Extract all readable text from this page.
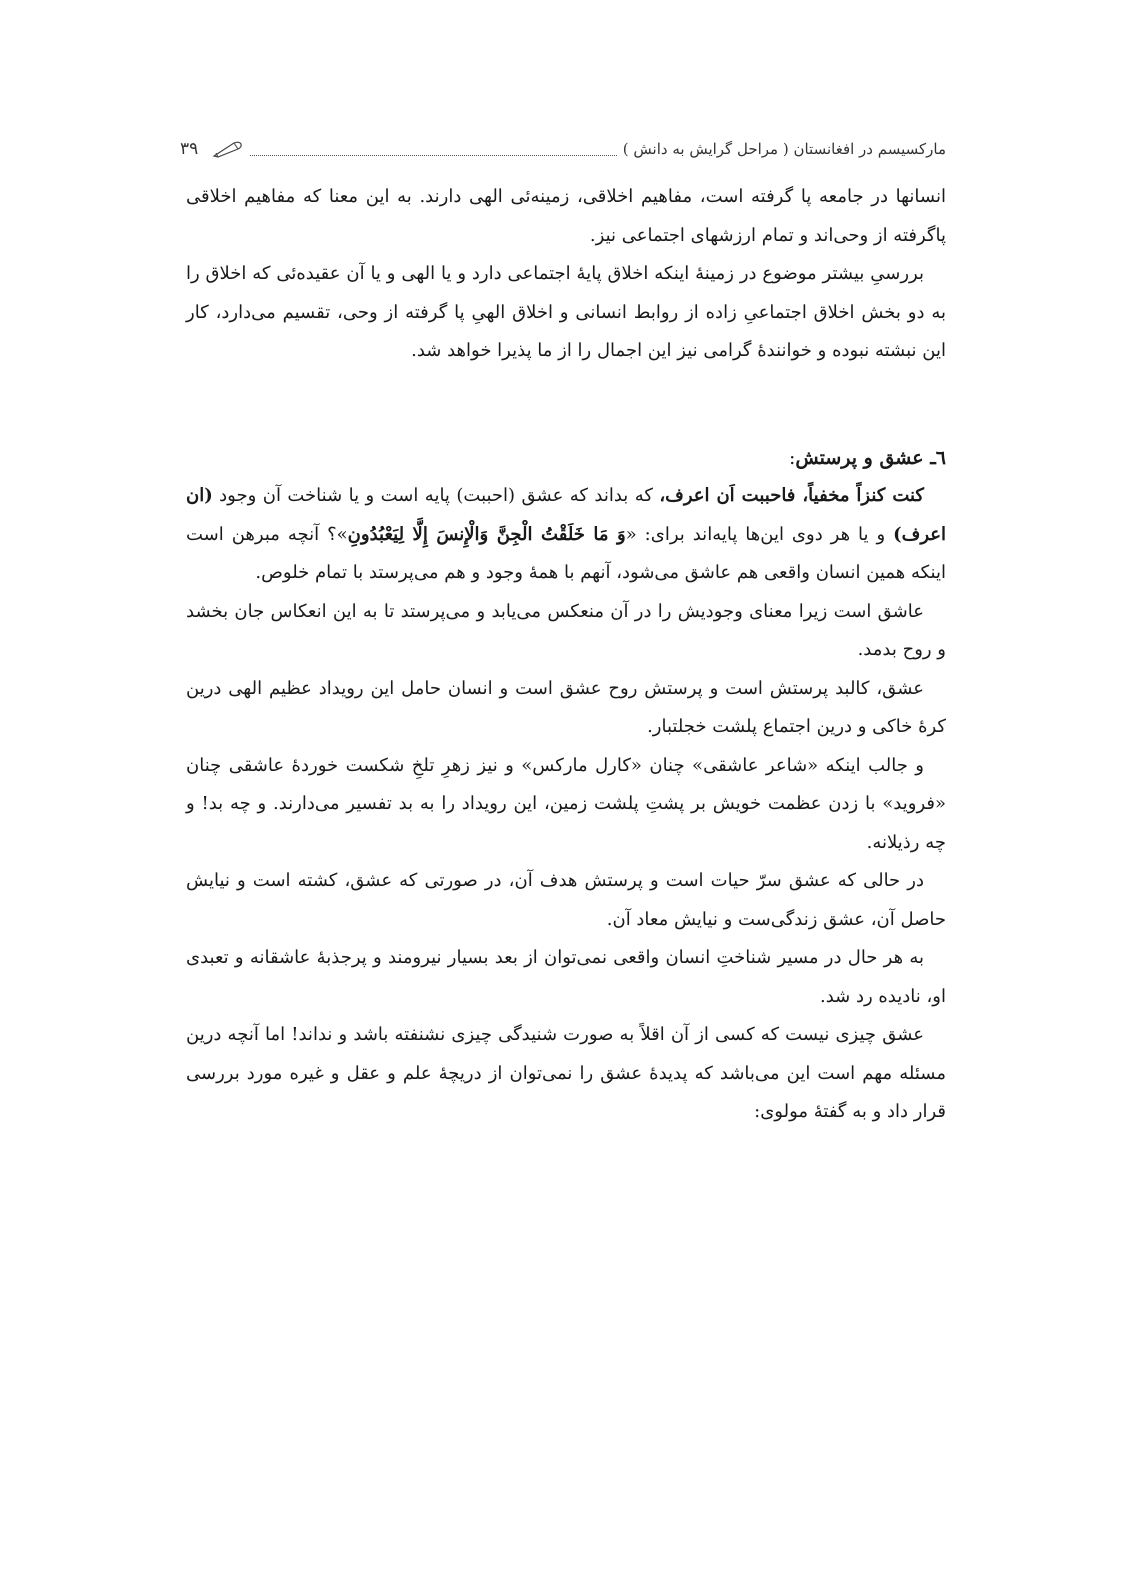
مارکسیسم در افغانستان ( مراحل گرایش به دانش )
۳۹

انسانها در جامعه پا گرفته است، مفاهیم اخلاقی، زمینه‌ئی الهی دارند. به این معنا که مفاهیم اخلاقی پاگرفته از وحی‌اند و تمام ارزشهای اجتماعی نیز.

بررسیِ بیشتر موضوع در زمینهٔ اینکه اخلاق پایهٔ اجتماعی دارد و یا الهی و یا آن عقیده‌ئی که اخلاق را به دو بخش اخلاق اجتماعیِ زاده از روابط انسانی و اخلاق الهیِ پا گرفته از وحی، تقسیم می‌دارد، کار این نبشته نبوده و خوانندهٔ گرامی نیز این اجمال را از ما پذیرا خواهد شد.

٦ـ عشق و پرستش:

کنت کنزاً مخفیاً، فاحببت اَن اعرف، که بداند که عشق (احببت) پایه است و یا شناخت آن وجود (ان اعرف) و یا هر دوی این‌ها پایه‌اند برای: «وَ مَا خَلَقْتُ الْجِنَّ وَالْإِنسَ إِلَّا لِيَعْبُدُونِ»؟ آنچه مبرهن است اینکه همین انسان واقعی هم عاشق می‌شود، آنهم با همهٔ وجود و هم می‌پرستد با تمام خلوص.

عاشق است زیرا معنای وجودیش را در آن منعکس می‌یابد و می‌پرستد تا به این انعکاس جان بخشد و روح بدمد.

عشق، کالبد پرستش است و پرستش روح عشق است و انسان حامل این رویداد عظیم الهی درین کرهٔ خاکی و درین اجتماع پلشت خجلتبار.

و جالب اینکه «شاعر عاشقی» چنان «کارل مارکس» و نیز زهرِ تلخِ شکست خوردهٔ عاشقی چنان «فروید» با زدن عظمت خویش بر پشتِ پلشت زمین، این رویداد را به بد تفسیر می‌دارند. و چه بد! و چه رذیلانه.

در حالی که عشق سرّ حیات است و پرستش هدف آن، در صورتی که عشق، کشته است و نیایش حاصل آن، عشق زندگی‌ست و نیایش معاد آن.

به هر حال در مسیر شناختِ انسان واقعی نمی‌توان از بعد بسیار نیرومند و پرجذبهٔ عاشقانه و تعبدی او، نادیده رد شد.

عشق چیزی نیست که کسی از آن اقلاً به صورت شنیدگی چیزی نشنفته باشد و نداند! اما آنچه درین مسئله مهم است این می‌باشد که پدیدهٔ عشق را نمی‌توان از دریچهٔ علم و عقل و غیره مورد بررسی قرار داد و به گفتهٔ مولوی:
